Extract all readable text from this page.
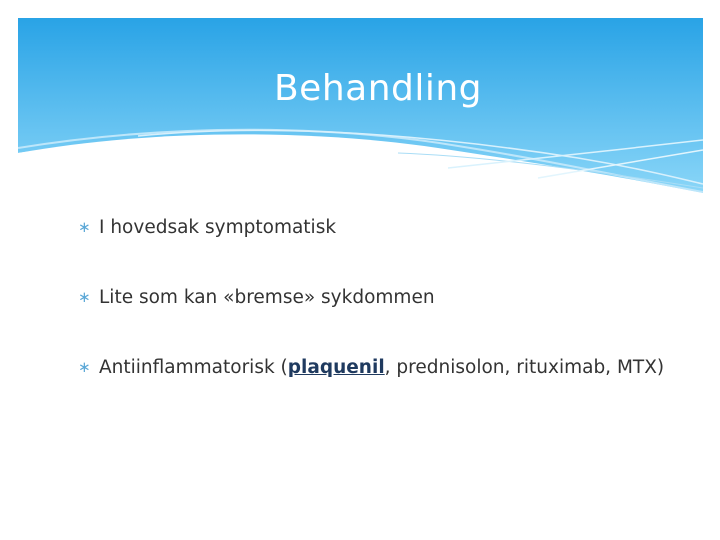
Behandling
∗ I hovedsak symptomatisk
∗ Lite som kan «bremse» sykdommen
∗ Antiinflammatorisk (plaquenil, prednisolon, rituximab, MTX)
